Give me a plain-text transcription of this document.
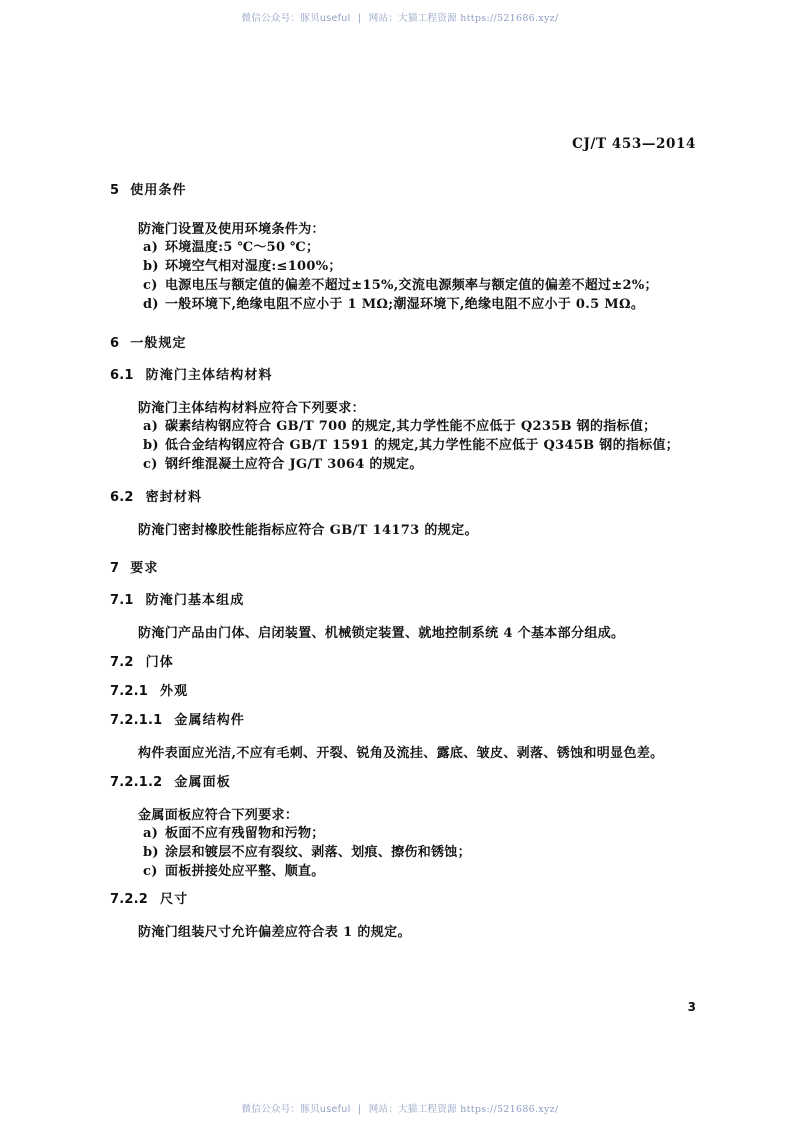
微信公众号：豚贝useful | 网站：大猫工程资源 https://521686.xyz/
CJ/T 453—2014
5 使用条件
防淹门设置及使用环境条件为：
a) 环境温度:5 ℃～50 ℃；
b) 环境空气相对湿度:≤100%；
c) 电源电压与额定值的偏差不超过±15%,交流电源频率与额定值的偏差不超过±2%；
d) 一般环境下,绝缘电阻不应小于 1 MΩ;潮湿环境下,绝缘电阻不应小于 0.5 MΩ。
6 一般规定
6.1 防淹门主体结构材料
防淹门主体结构材料应符合下列要求：
a) 碳素结构钢应符合 GB/T 700 的规定,其力学性能不应低于 Q235B 钢的指标值；
b) 低合金结构钢应符合 GB/T 1591 的规定,其力学性能不应低于 Q345B 钢的指标值；
c) 钢纤维混凝土应符合 JG/T 3064 的规定。
6.2 密封材料
防淹门密封橡胶性能指标应符合 GB/T 14173 的规定。
7 要求
7.1 防淹门基本组成
防淹门产品由门体、启闭装置、机械锁定装置、就地控制系统 4 个基本部分组成。
7.2 门体
7.2.1 外观
7.2.1.1 金属结构件
构件表面应光洁,不应有毛刺、开裂、锐角及流挂、露底、皱皮、剥落、锈蚀和明显色差。
7.2.1.2 金属面板
金属面板应符合下列要求：
a) 板面不应有残留物和污物；
b) 涂层和镀层不应有裂纹、剥落、划痕、擦伤和锈蚀；
c) 面板拼接处应平整、顺直。
7.2.2 尺寸
防淹门组装尺寸允许偏差应符合表 1 的规定。
3
微信公众号：豚贝useful | 网站：大猫工程资源 https://521686.xyz/
